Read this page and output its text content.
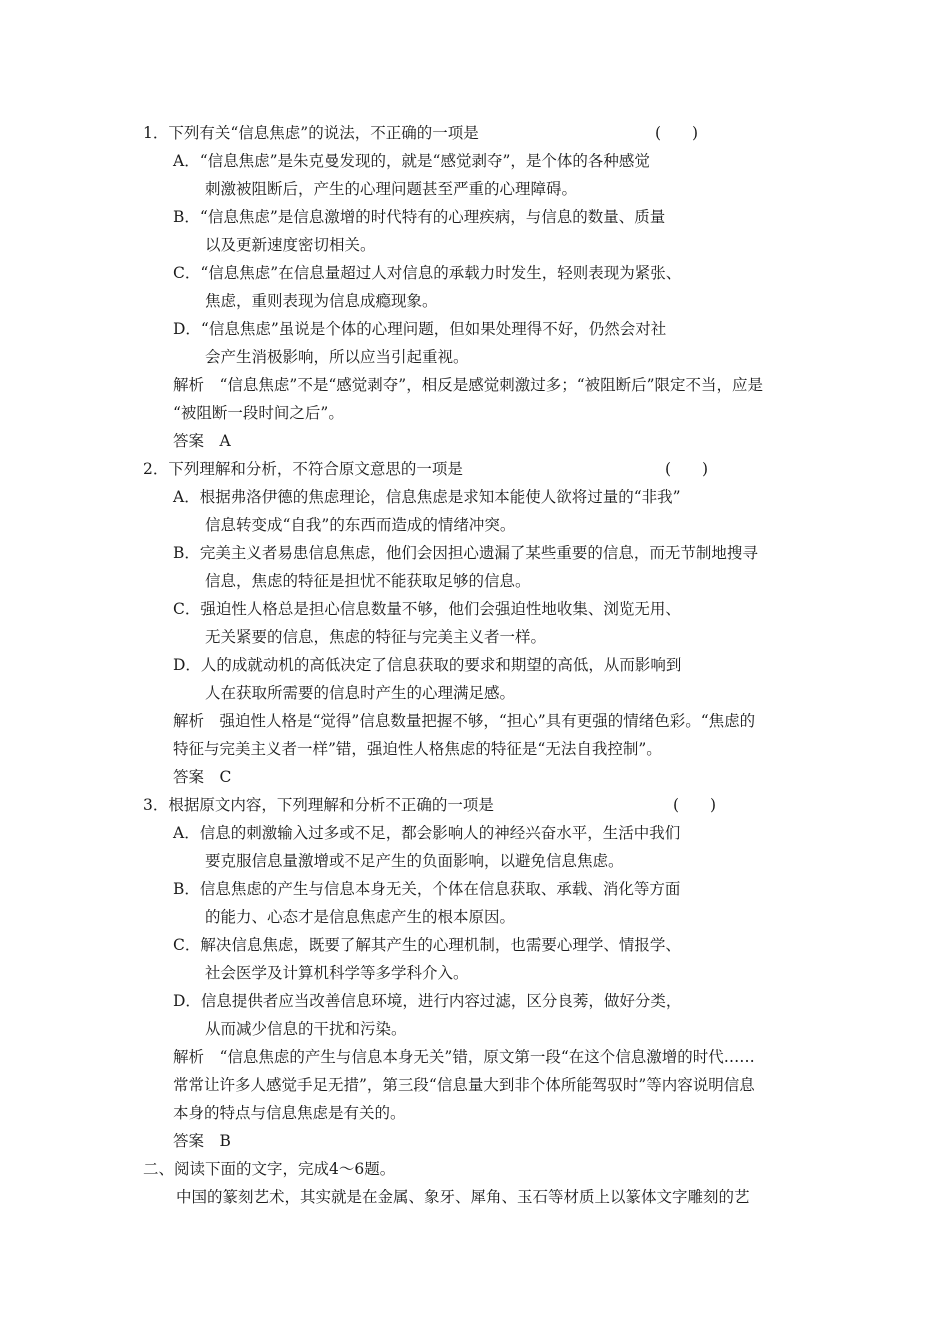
1．下列有关“信息焦虑”的说法，不正确的一项是	(　　)
A．“信息焦虑”是朱克曼发现的，就是“感觉剥夺”，是个体的各种感觉
刺激被阻断后，产生的心理问题甚至严重的心理障碍。
B．“信息焦虑”是信息激增的时代特有的心理疾病，与信息的数量、质量
以及更新速度密切相关。
C．“信息焦虑”在信息量超过人对信息的承载力时发生，轻则表现为紧张、
焦虑，重则表现为信息成瘾现象。
D．“信息焦虑”虽说是个体的心理问题，但如果处理得不好，仍然会对社
会产生消极影响，所以应当引起重视。
解析　“信息焦虑”不是“感觉剥夺”，相反是感觉刺激过多；“被阻断后”限定不当，应是
“被阻断一段时间之后”。
答案　A
2．下列理解和分析，不符合原文意思的一项是	(　　)
A．根据弗洛伊德的焦虑理论，信息焦虑是求知本能使人欲将过量的“非我”
信息转变成“自我”的东西而造成的情绪冲突。
B．完美主义者易患信息焦虑，他们会因担心遗漏了某些重要的信息，而无节制地搜寻
信息，焦虑的特征是担忧不能获取足够的信息。
C．强迫性人格总是担心信息数量不够，他们会强迫性地收集、浏览无用、
无关紧要的信息，焦虑的特征与完美主义者一样。
D．人的成就动机的高低决定了信息获取的要求和期望的高低，从而影响到
人在获取所需要的信息时产生的心理满足感。
解析　强迫性人格是“觉得”信息数量把握不够，“担心”具有更强的情绪色彩。“焦虑的
特征与完美主义者一样”错，强迫性人格焦虑的特征是“无法自我控制”。
答案　C
3．根据原文内容，下列理解和分析不正确的一项是	(　　)
A．信息的刺激输入过多或不足，都会影响人的神经兴奋水平，生活中我们
要克服信息量激增或不足产生的负面影响，以避免信息焦虑。
B．信息焦虑的产生与信息本身无关，个体在信息获取、承载、消化等方面
的能力、心态才是信息焦虑产生的根本原因。
C．解决信息焦虑，既要了解其产生的心理机制，也需要心理学、情报学、
社会医学及计算机科学等多学科介入。
D．信息提供者应当改善信息环境，进行内容过滤，区分良莠，做好分类，
从而减少信息的干扰和污染。
解析　“信息焦虑的产生与信息本身无关”错，原文第一段“在这个信息激增的时代……
常常让许多人感觉手足无措”，第三段“信息量大到非个体所能驾驭时”等内容说明信息
本身的特点与信息焦虑是有关的。
答案　B
二、阅读下面的文字，完成4～6题。
中国的篆刻艺术，其实就是在金属、象牙、犀角、玉石等材质上以篆体文字雕刻的艺
